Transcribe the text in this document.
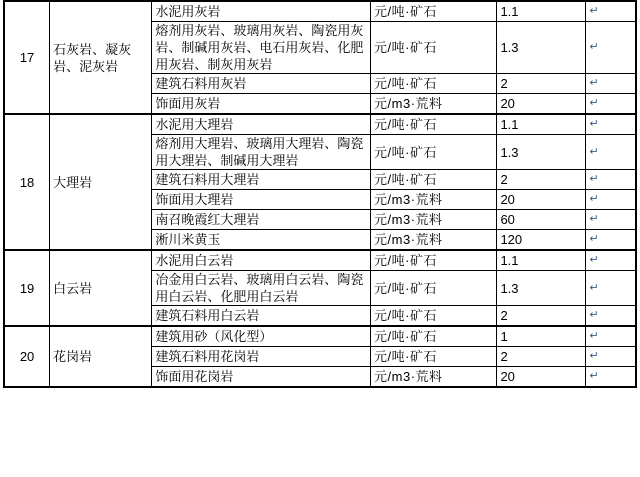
17	石灰岩、凝灰岩、泥灰岩	水泥用灰岩	元/吨·矿石	1.1	↵
		熔剂用灰岩、玻璃用灰岩、陶瓷用灰岩、制碱用灰岩、电石用灰岩、化肥用灰岩、制灰用灰岩	元/吨·矿石	1.3	↵
		建筑石料用灰岩	元/吨·矿石	2	↵
		饰面用灰岩	元/m3·荒料	20	↵
18	大理岩	水泥用大理岩	元/吨·矿石	1.1	↵
		熔剂用大理岩、玻璃用大理岩、陶瓷用大理岩、制碱用大理岩	元/吨·矿石	1.3	↵
		建筑石料用大理岩	元/吨·矿石	2	↵
		饰面用大理岩	元/m3·荒料	20	↵
		南召晚霞红大理岩	元/m3·荒料	60	↵
		淅川米黄玉	元/m3·荒料	120	↵
19	白云岩	水泥用白云岩	元/吨·矿石	1.1	↵
		冶金用白云岩、玻璃用白云岩、陶瓷用白云岩、化肥用白云岩	元/吨·矿石	1.3	↵
		建筑石料用白云岩	元/吨·矿石	2	↵
20	花岗岩	建筑用砂（风化型）	元/吨·矿石	1	↵
		建筑石料用花岗岩	元/吨·矿石	2	↵
		饰面用花岗岩	元/m3·荒料	20	↵
